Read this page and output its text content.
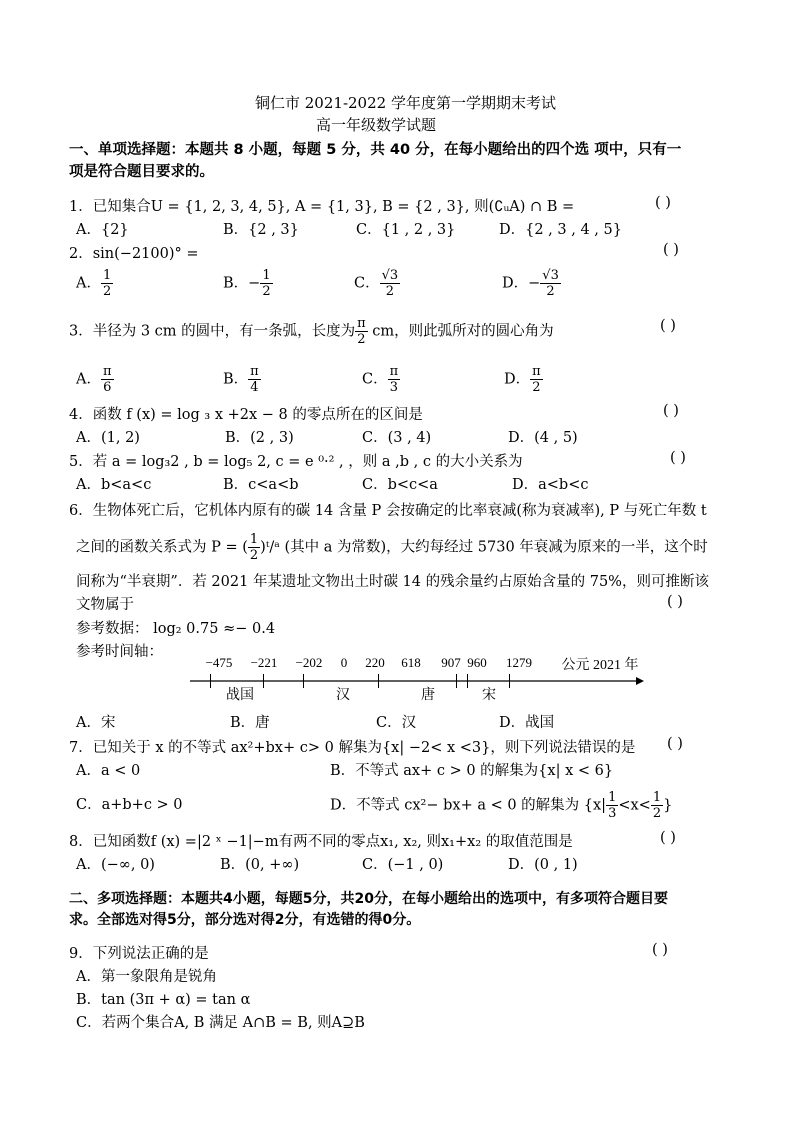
铜仁市 2021-2022 学年度第一学期期末考试
高一年级数学试题
一、单项选择题：本题共 8 小题，每题 5 分，共 40 分，在每小题给出的四个选 项中，只有一
项是符合题目要求的。
1．已知集合U = {1, 2, 3, 4, 5}, A = {1, 3}, B = {2 , 3}, 则(∁ᵤA) ∩ B =	( )
A．{2}	B．{2 , 3}	C．{1 , 2 , 3}	D．{2 , 3 , 4 , 5}
2．sin(−2100)° =	( )
A． $\frac{1}{2}$	B．− $\frac{1}{2}$	C． $\frac{√3}{2}$	D．− $\frac{√3}{2}$
3．半径为 3 cm 的圆中，有一条弧，长度为 $\frac{\pi}{2}$ cm，则此弧所对的圆心角为	( )
A． $\frac{\pi}{6}$	B． $\frac{\pi}{4}$	C． $\frac{\pi}{3}$	D． $\frac{\pi}{2}$
4．函数 f (x) = log ₃ x +2x − 8 的零点所在的区间是	( )
A．(1, 2)	B．(2 , 3)	C．(3 , 4)	D．(4 , 5)
5．若 a = log₃2 , b = log₅ 2, c = e ⁰·² , ，则 a ,b , c 的大小关系为	( )
A．b<a<c	B．c<a<b	C．b<c<a	D．a<b<c
6．生物体死亡后，它机体内原有的碳 14 含量 P 会按确定的比率衰减(称为衰减率), P 与死亡年数 t
之间的函数关系式为 P = ( $\frac{1}{2}$ )ᵗ/ᵃ (其中 a 为常数)，大约每经过 5730 年衰减为原来的一半，这个时
间称为“半衰期”．若 2021 年某遗址文物出土时碳 14 的残余量约占原始含量的 75%，则可推断该
文物属于	( )
参考数据： log₂ 0.75 ≈− 0.4
参考时间轴：
−475 −221 −202 0 220 618 907 960 1279 公元 2021 年
战国	汉	唐	宋
A．宋	B．唐	C．汉	D．战国
7．已知关于 x 的不等式 ax²+bx+ c> 0 解集为{x| −2< x <3}，则下列说法错误的是 ( )
A．a < 0	B．不等式 ax+ c > 0 的解集为{x| x < 6}
C．a+b+c > 0	D．不等式 cx²− bx+ a < 0 的解集为 {$x| \frac{1}{3} <x< \frac{1}{2}$ }
8．已知函数f (x) =|2 ˣ −1|−m有两不同的零点x₁, x₂, 则x₁+x₂ 的取值范围是	( )
A．(−∞, 0)	B．(0, +∞)	C．(−1 , 0)	D．(0 , 1)
二、多项选择题：本题共4小题，每题5分，共20分，在每小题给出的选项中，有多项符合题目要
求。全部选对得5分，部分选对得2分，有选错的得0分。
9．下列说法正确的是	( )
A．第一象限角是锐角
B．tan (3π + α) = tan α
C．若两个集合A, B 满足 A∩B = B, 则A⊇B
